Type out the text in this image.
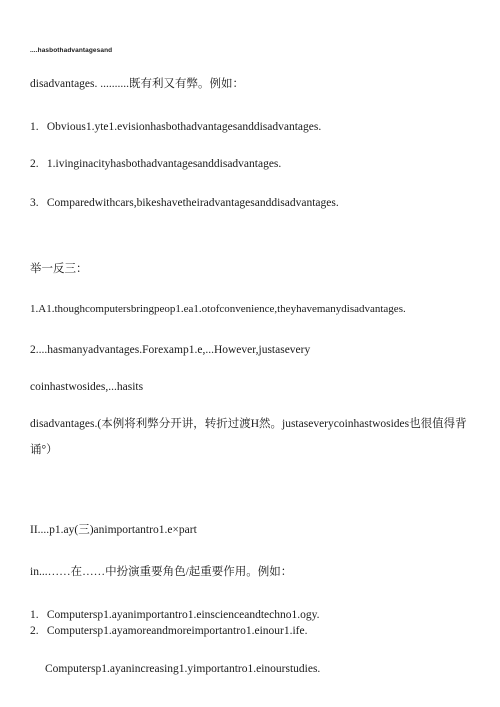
....hasbothadvantagesand
disadvantages. ..........既有利又有弊。例如：
1. Obvious1.yte1.evisionhasbothadvantagesanddisadvantages.
2. 1.ivinginacityhasbothadvantagesanddisadvantages.
3. Comparedwithcars,bikeshavetheiradvantagesanddisadvantages.
举一反三：
1.A1.thoughcomputersbringpeop1.ea1.otofconvenience,theyhavemanydisadvantages.
2....hasmanyadvantages.Forexamp1.e,...However,justasevery
coinhastwosides,...hasits
disadvantages.(本例将利弊分开讲，转折过渡H然。justaseverycoinhastwosides也很值得背诵°）
II....p1.ay(三)animportantro1.e×part
in...……在……中扮演重要角色/起重要作用。例如：
1. Computersp1.ayanimportantro1.einscienceandtechno1.ogy.
2. Computersp1.ayamoreandmoreimportantro1.einour1.ife.
Computersp1.ayanincreasing1.yimportantro1.einourstudies.
